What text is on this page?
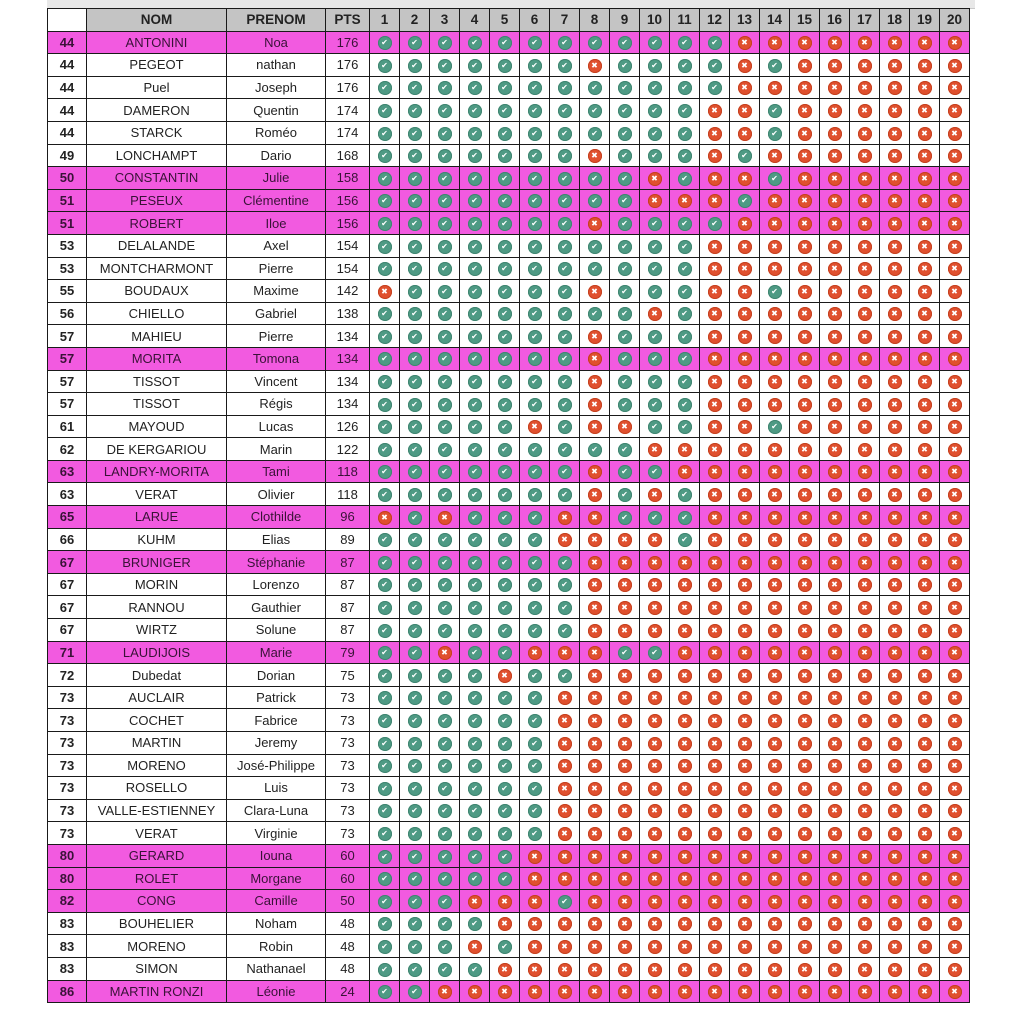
	NOM	PRENOM	PTS	1	2	3	4	5	6	7	8	9	10	11	12	13	14	15	16	17	18	19	20
44	ANTONINI	Noa	176	✔	✔	✔	✔	✔	✔	✔	✔	✔	✔	✔	✔	✖	✖	✖	✖	✖	✖	✖	✖
44	PEGEOT	nathan	176	✔	✔	✔	✔	✔	✔	✔	✖	✔	✔	✔	✔	✖	✔	✖	✖	✖	✖	✖	✖
44	Puel	Joseph	176	✔	✔	✔	✔	✔	✔	✔	✔	✔	✔	✔	✔	✖	✖	✖	✖	✖	✖	✖	✖
44	DAMERON	Quentin	174	✔	✔	✔	✔	✔	✔	✔	✔	✔	✔	✔	✖	✖	✔	✖	✖	✖	✖	✖	✖
44	STARCK	Roméo	174	✔	✔	✔	✔	✔	✔	✔	✔	✔	✔	✔	✖	✖	✔	✖	✖	✖	✖	✖	✖
49	LONCHAMPT	Dario	168	✔	✔	✔	✔	✔	✔	✔	✖	✔	✔	✔	✖	✔	✖	✖	✖	✖	✖	✖	✖
50	CONSTANTIN	Julie	158	✔	✔	✔	✔	✔	✔	✔	✔	✔	✖	✔	✖	✖	✔	✖	✖	✖	✖	✖	✖
51	PESEUX	Clémentine	156	✔	✔	✔	✔	✔	✔	✔	✔	✔	✖	✖	✖	✔	✖	✖	✖	✖	✖	✖	✖
51	ROBERT	Iloe	156	✔	✔	✔	✔	✔	✔	✔	✖	✔	✔	✔	✔	✖	✖	✖	✖	✖	✖	✖	✖
53	DELALANDE	Axel	154	✔	✔	✔	✔	✔	✔	✔	✔	✔	✔	✔	✖	✖	✖	✖	✖	✖	✖	✖	✖
53	MONTCHARMONT	Pierre	154	✔	✔	✔	✔	✔	✔	✔	✔	✔	✔	✔	✖	✖	✖	✖	✖	✖	✖	✖	✖
55	BOUDAUX	Maxime	142	✖	✔	✔	✔	✔	✔	✔	✖	✔	✔	✔	✖	✖	✔	✖	✖	✖	✖	✖	✖
56	CHIELLO	Gabriel	138	✔	✔	✔	✔	✔	✔	✔	✔	✔	✖	✔	✖	✖	✖	✖	✖	✖	✖	✖	✖
57	MAHIEU	Pierre	134	✔	✔	✔	✔	✔	✔	✔	✖	✔	✔	✔	✖	✖	✖	✖	✖	✖	✖	✖	✖
57	MORITA	Tomona	134	✔	✔	✔	✔	✔	✔	✔	✖	✔	✔	✔	✖	✖	✖	✖	✖	✖	✖	✖	✖
57	TISSOT	Vincent	134	✔	✔	✔	✔	✔	✔	✔	✖	✔	✔	✔	✖	✖	✖	✖	✖	✖	✖	✖	✖
57	TISSOT	Régis	134	✔	✔	✔	✔	✔	✔	✔	✖	✔	✔	✔	✖	✖	✖	✖	✖	✖	✖	✖	✖
61	MAYOUD	Lucas	126	✔	✔	✔	✔	✔	✖	✔	✖	✖	✔	✔	✖	✖	✔	✖	✖	✖	✖	✖	✖
62	DE KERGARIOU	Marin	122	✔	✔	✔	✔	✔	✔	✔	✔	✔	✖	✖	✖	✖	✖	✖	✖	✖	✖	✖	✖
63	LANDRY-MORITA	Tami	118	✔	✔	✔	✔	✔	✔	✔	✖	✔	✔	✖	✖	✖	✖	✖	✖	✖	✖	✖	✖
63	VERAT	Olivier	118	✔	✔	✔	✔	✔	✔	✔	✖	✔	✖	✔	✖	✖	✖	✖	✖	✖	✖	✖	✖
65	LARUE	Clothilde	96	✖	✔	✖	✔	✔	✔	✖	✖	✔	✔	✔	✖	✖	✖	✖	✖	✖	✖	✖	✖
66	KUHM	Elias	89	✔	✔	✔	✔	✔	✔	✖	✖	✖	✖	✔	✖	✖	✖	✖	✖	✖	✖	✖	✖
67	BRUNIGER	Stéphanie	87	✔	✔	✔	✔	✔	✔	✔	✖	✖	✖	✖	✖	✖	✖	✖	✖	✖	✖	✖	✖
67	MORIN	Lorenzo	87	✔	✔	✔	✔	✔	✔	✔	✖	✖	✖	✖	✖	✖	✖	✖	✖	✖	✖	✖	✖
67	RANNOU	Gauthier	87	✔	✔	✔	✔	✔	✔	✔	✖	✖	✖	✖	✖	✖	✖	✖	✖	✖	✖	✖	✖
67	WIRTZ	Solune	87	✔	✔	✔	✔	✔	✔	✔	✖	✖	✖	✖	✖	✖	✖	✖	✖	✖	✖	✖	✖
71	LAUDIJOIS	Marie	79	✔	✔	✖	✔	✔	✖	✖	✖	✔	✔	✖	✖	✖	✖	✖	✖	✖	✖	✖	✖
72	Dubedat	Dorian	75	✔	✔	✔	✔	✖	✔	✔	✖	✖	✖	✖	✖	✖	✖	✖	✖	✖	✖	✖	✖
73	AUCLAIR	Patrick	73	✔	✔	✔	✔	✔	✔	✖	✖	✖	✖	✖	✖	✖	✖	✖	✖	✖	✖	✖	✖
73	COCHET	Fabrice	73	✔	✔	✔	✔	✔	✔	✖	✖	✖	✖	✖	✖	✖	✖	✖	✖	✖	✖	✖	✖
73	MARTIN	Jeremy	73	✔	✔	✔	✔	✔	✔	✖	✖	✖	✖	✖	✖	✖	✖	✖	✖	✖	✖	✖	✖
73	MORENO	José-Philippe	73	✔	✔	✔	✔	✔	✔	✖	✖	✖	✖	✖	✖	✖	✖	✖	✖	✖	✖	✖	✖
73	ROSELLO	Luis	73	✔	✔	✔	✔	✔	✔	✖	✖	✖	✖	✖	✖	✖	✖	✖	✖	✖	✖	✖	✖
73	VALLE-ESTIENNEY	Clara-Luna	73	✔	✔	✔	✔	✔	✔	✖	✖	✖	✖	✖	✖	✖	✖	✖	✖	✖	✖	✖	✖
73	VERAT	Virginie	73	✔	✔	✔	✔	✔	✔	✖	✖	✖	✖	✖	✖	✖	✖	✖	✖	✖	✖	✖	✖
80	GERARD	Iouna	60	✔	✔	✔	✔	✔	✖	✖	✖	✖	✖	✖	✖	✖	✖	✖	✖	✖	✖	✖	✖
80	ROLET	Morgane	60	✔	✔	✔	✔	✔	✖	✖	✖	✖	✖	✖	✖	✖	✖	✖	✖	✖	✖	✖	✖
82	CONG	Camille	50	✔	✔	✔	✖	✖	✖	✔	✖	✖	✖	✖	✖	✖	✖	✖	✖	✖	✖	✖	✖
83	BOUHELIER	Noham	48	✔	✔	✔	✔	✖	✖	✖	✖	✖	✖	✖	✖	✖	✖	✖	✖	✖	✖	✖	✖
83	MORENO	Robin	48	✔	✔	✔	✖	✔	✖	✖	✖	✖	✖	✖	✖	✖	✖	✖	✖	✖	✖	✖	✖
83	SIMON	Nathanael	48	✔	✔	✔	✔	✖	✖	✖	✖	✖	✖	✖	✖	✖	✖	✖	✖	✖	✖	✖	✖
86	MARTIN RONZI	Léonie	24	✔	✔	✖	✖	✖	✖	✖	✖	✖	✖	✖	✖	✖	✖	✖	✖	✖	✖	✖	✖
